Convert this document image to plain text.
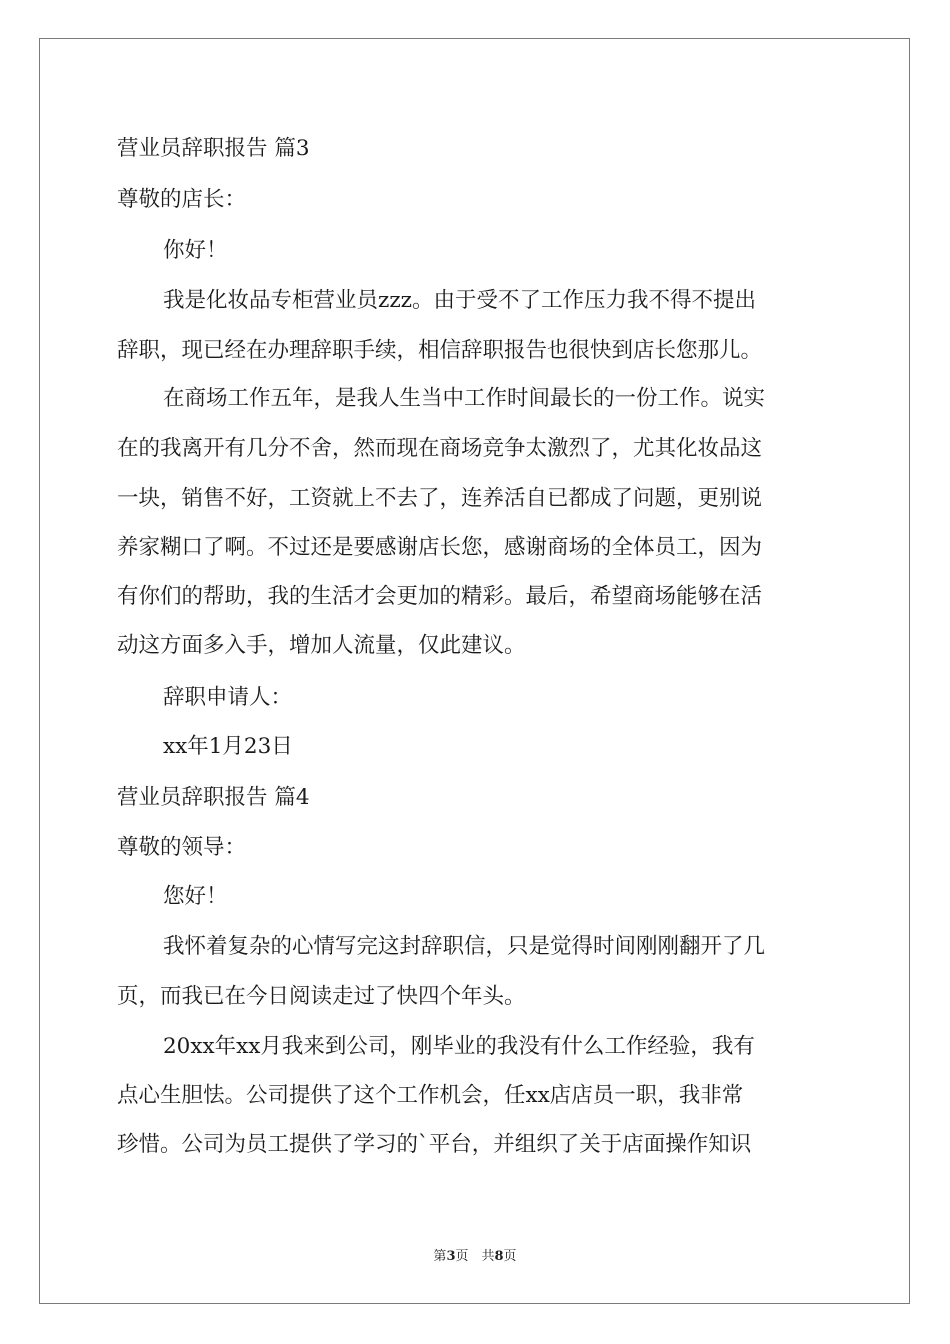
营业员辞职报告 篇3
尊敬的店长：
你好！
我是化妆品专柜营业员zzz。由于受不了工作压力我不得不提出
辞职，现已经在办理辞职手续，相信辞职报告也很快到店长您那儿。
在商场工作五年，是我人生当中工作时间最长的一份工作。说实
在的我离开有几分不舍，然而现在商场竞争太激烈了，尤其化妆品这
一块，销售不好，工资就上不去了，连养活自已都成了问题，更别说
养家糊口了啊。不过还是要感谢店长您，感谢商场的全体员工，因为
有你们的帮助，我的生活才会更加的精彩。最后，希望商场能够在活
动这方面多入手，增加人流量，仅此建议。
辞职申请人：
xx年1月23日
营业员辞职报告 篇4
尊敬的领导：
您好！
我怀着复杂的心情写完这封辞职信，只是觉得时间刚刚翻开了几
页，而我已在今日阅读走过了快四个年头。
20xx年xx月我来到公司，刚毕业的我没有什么工作经验，我有
点心生胆怯。公司提供了这个工作机会，任xx店店员一职，我非常
珍惜。公司为员工提供了学习的`平台，并组织了关于店面操作知识
第3页　共8页
